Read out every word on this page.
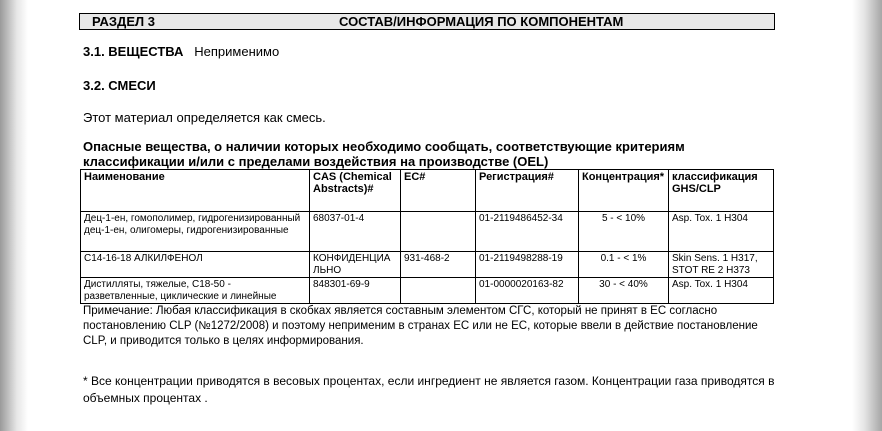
РАЗДЕЛ 3	СОСТАВ/ИНФОРМАЦИЯ ПО КОМПОНЕНТАМ
3.1. ВЕЩЕСТВА Неприменимо
3.2. СМЕСИ
Этот материал определяется как смесь.
Опасные вещества, о наличии которых необходимо сообщать, соответствующие критериям
классификации и/или с пределами воздействия на производстве (OEL)
Наименование	CAS (Chemical Abstracts)#	EC#	Регистрация#	Концентрация*	классификация GHS/CLP
Дец-1-ен, гомополимер, гидрогенизированный дец-1-ен, олигомеры, гидрогенизированные	68037-01-4		01-2119486452-34	5 - < 10%	Asp. Tox. 1 H304
C14-16-18 АЛКИЛФЕНОЛ	КОНФИДЕНЦИАЛЬНО	931-468-2	01-2119498288-19	0.1 - < 1%	Skin Sens. 1 H317, STOT RE 2 H373
Дистилляты, тяжелые, C18-50 - разветвленные, циклические и линейные	848301-69-9		01-0000020163-82	30 - < 40%	Asp. Tox. 1 H304
Примечание: Любая классификация в скобках является составным элементом СГС, который не принят в ЕС согласно постановлению CLP (№1272/2008) и поэтому неприменим в странах ЕС или не ЕС, которые ввели в действие постановление CLP, и приводится только в целях информирования.
* Все концентрации приводятся в весовых процентах, если ингредиент не является газом. Концентрации газа приводятся в объемных процентах .
